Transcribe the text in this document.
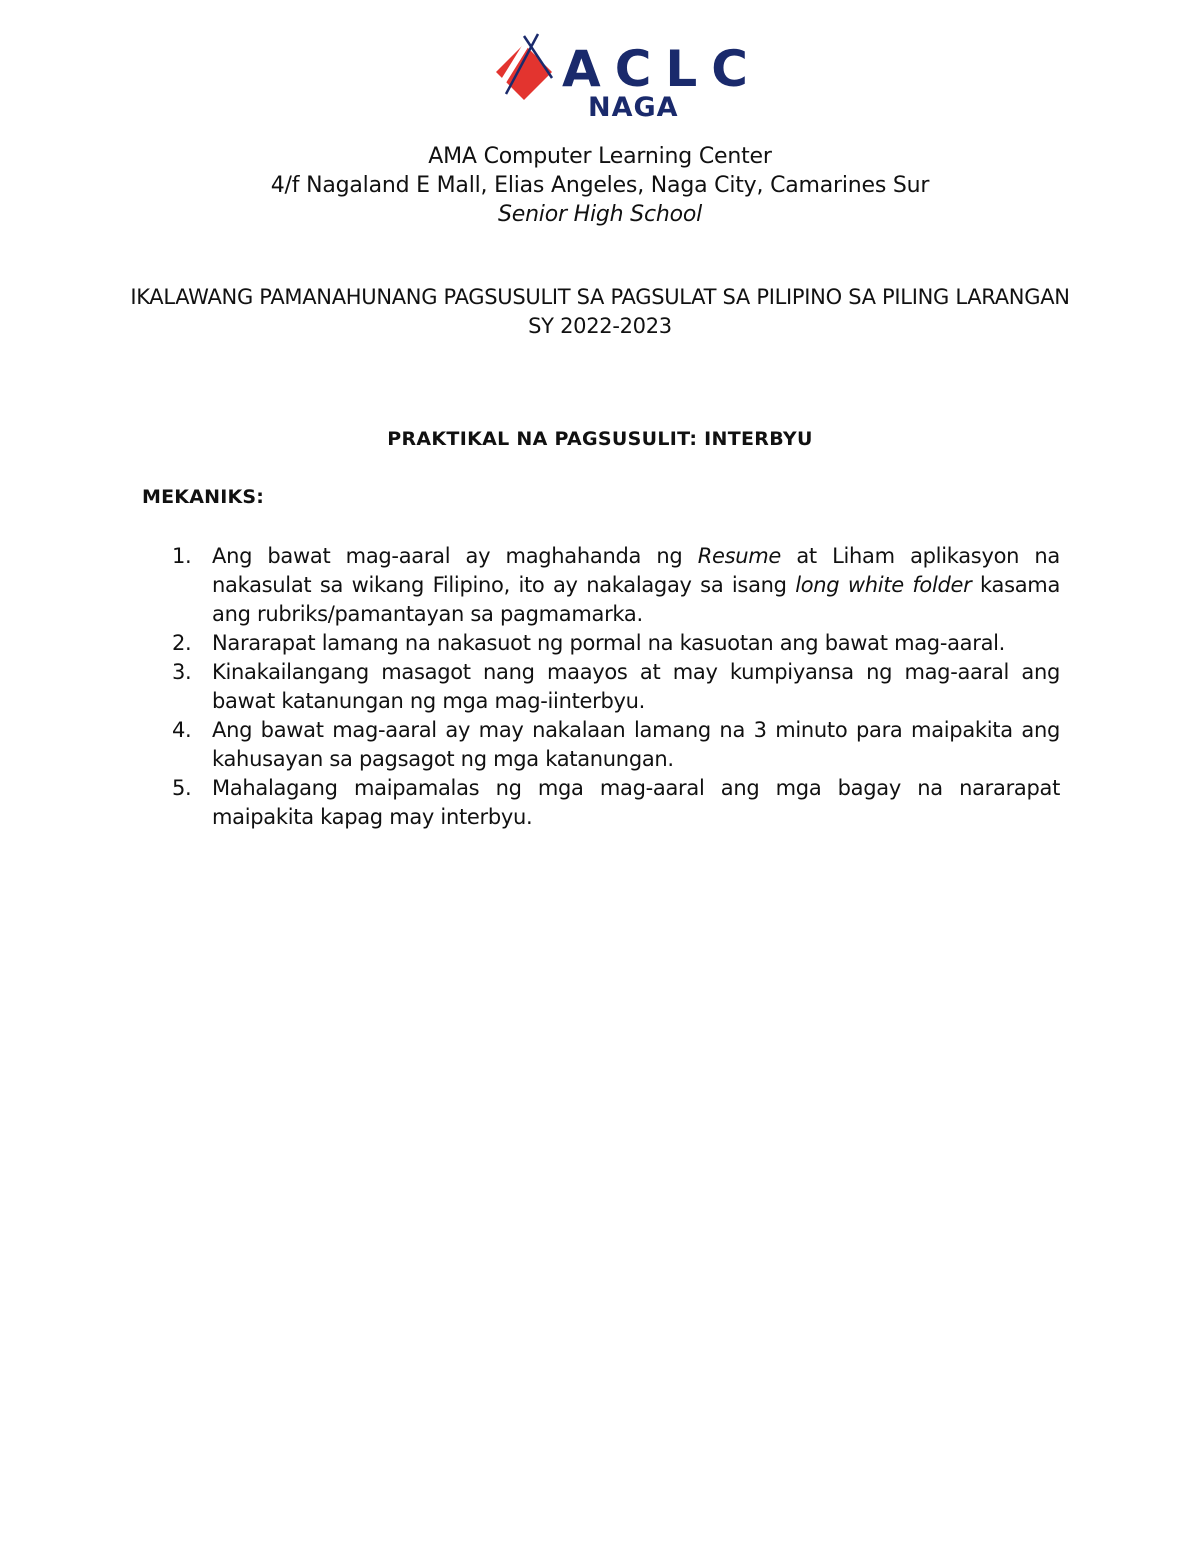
ACLC
NAGA
AMA Computer Learning Center
4/f Nagaland E Mall, Elias Angeles, Naga City, Camarines Sur
Senior High School
IKALAWANG PAMANAHUNANG PAGSUSULIT SA PAGSULAT SA PILIPINO SA PILING LARANGAN
SY 2022-2023
PRAKTIKAL NA PAGSUSULIT: INTERBYU
MEKANIKS:
1. Ang bawat mag-aaral ay maghahanda ng Resume at Liham aplikasyon na nakasulat sa wikang Filipino, ito ay nakalagay sa isang long white folder kasama ang rubriks/pamantayan sa pagmamarka.
2. Nararapat lamang na nakasuot ng pormal na kasuotan ang bawat mag-aaral.
3. Kinakailangang masagot nang maayos at may kumpiyansa ng mag-aaral ang bawat katanungan ng mga mag-iinterbyu.
4. Ang bawat mag-aaral ay may nakalaan lamang na 3 minuto para maipakita ang kahusayan sa pagsagot ng mga katanungan.
5. Mahalagang maipamalas ng mga mag-aaral ang mga bagay na nararapat maipakita kapag may interbyu.
